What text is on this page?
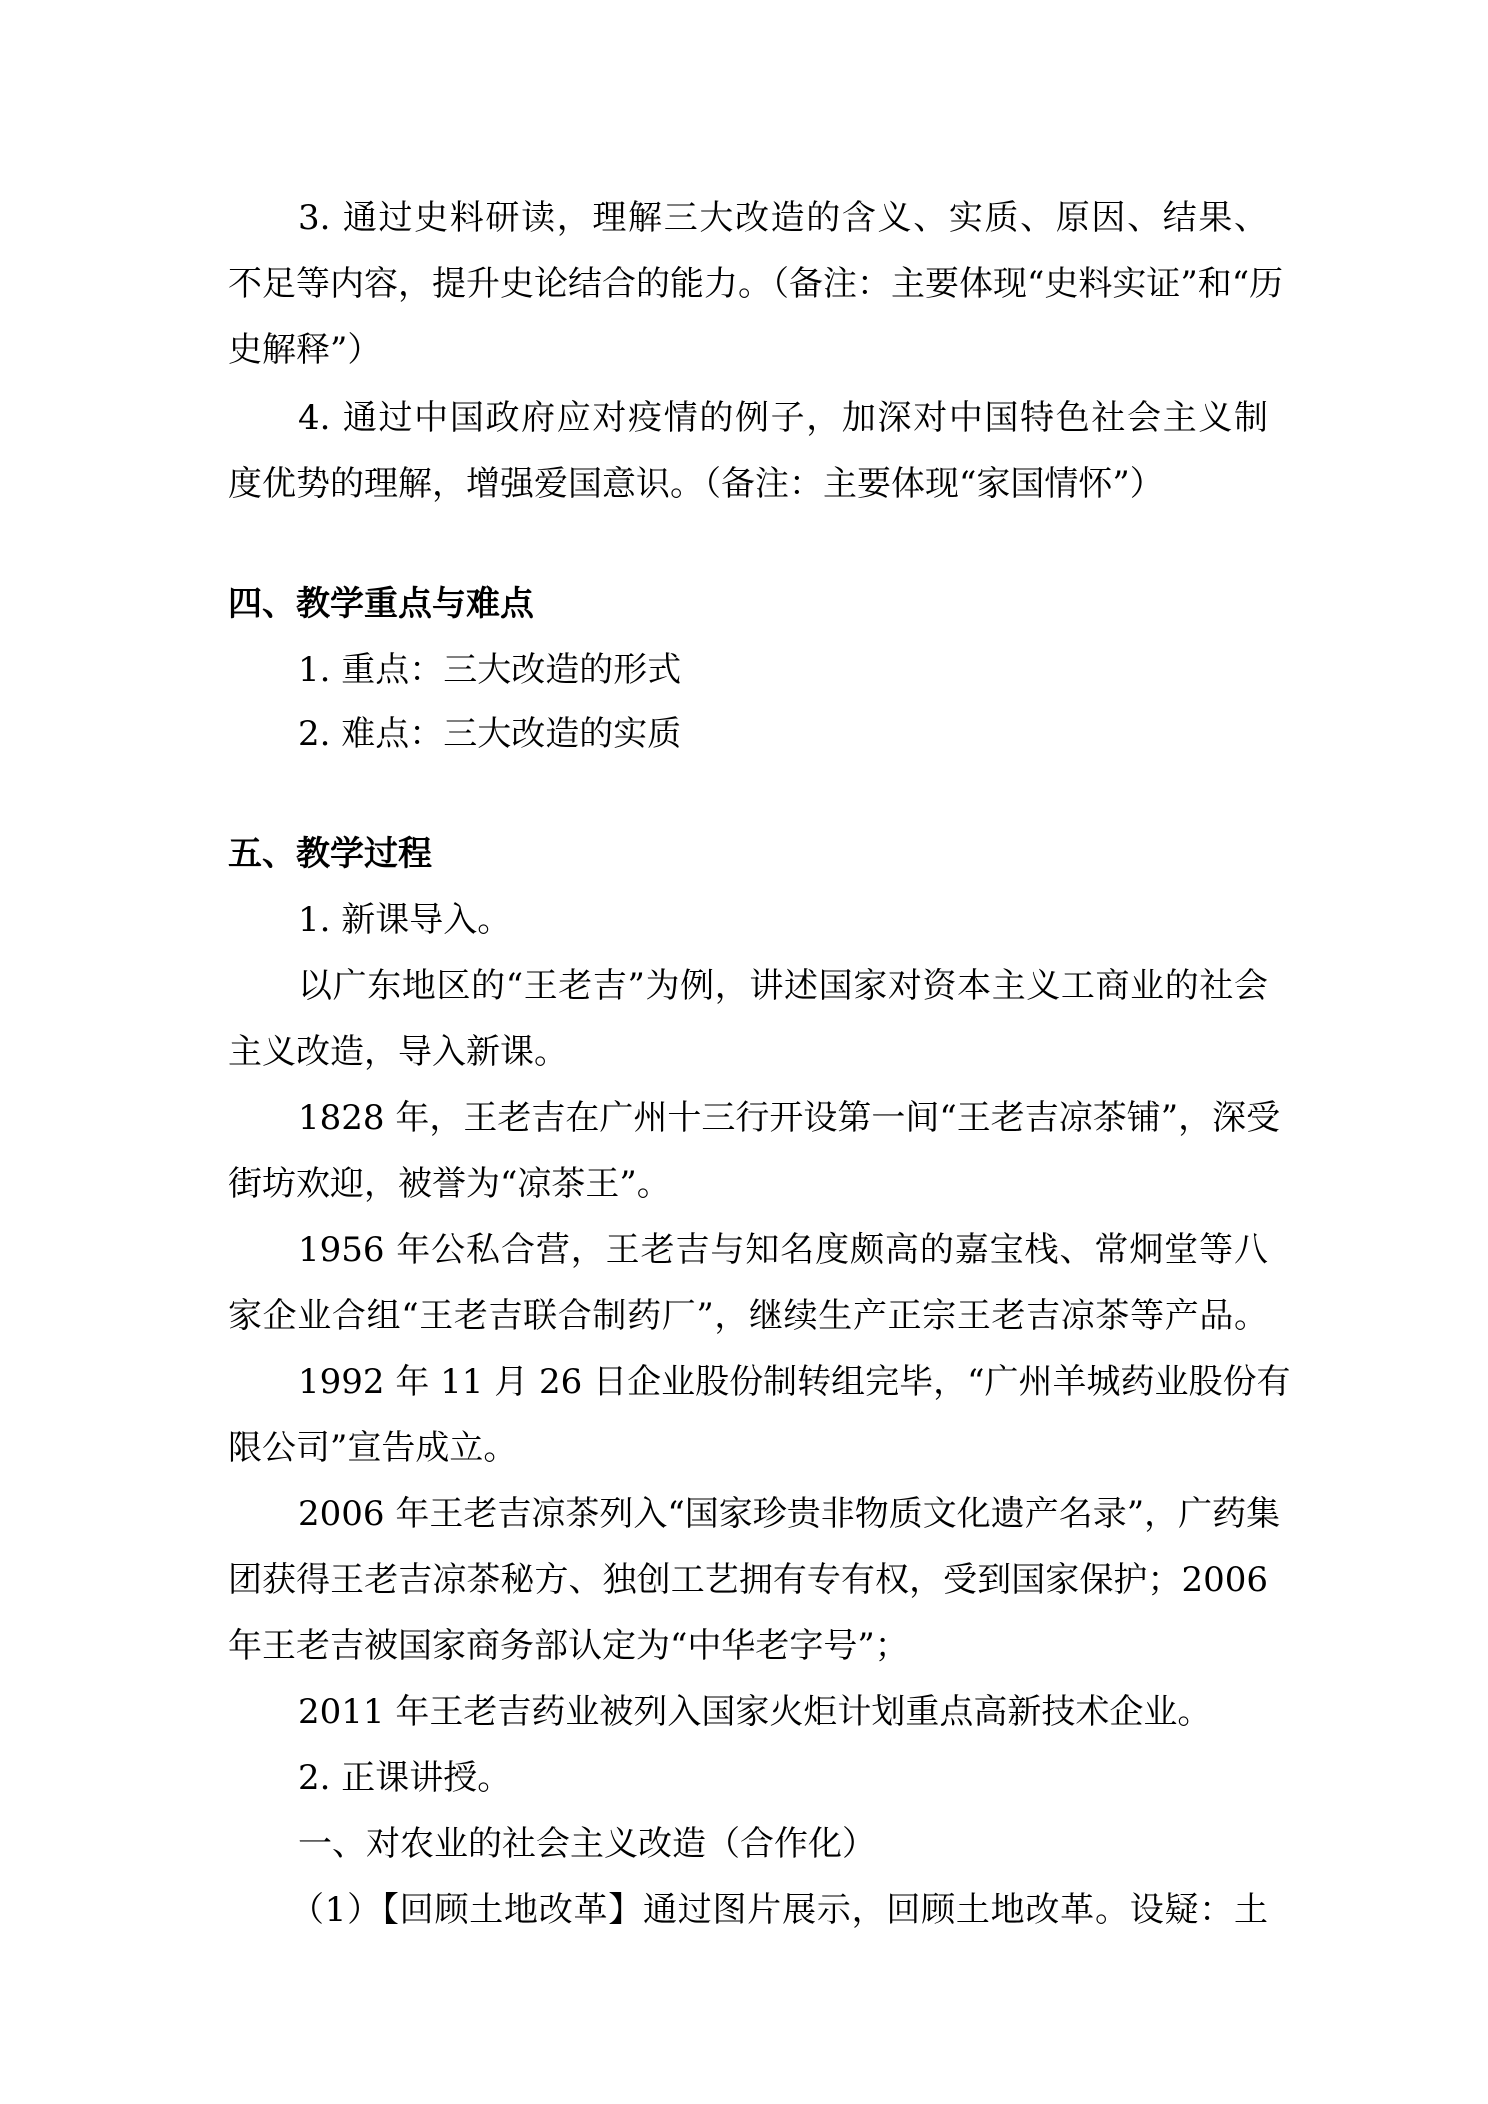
3. 通过史料研读，理解三大改造的含义、实质、原因、结果、
不足等内容，提升史论结合的能力。（备注：主要体现“史料实证”和“历
史解释”）
4. 通过中国政府应对疫情的例子，加深对中国特色社会主义制
度优势的理解，增强爱国意识。（备注：主要体现“家国情怀”）
四、教学重点与难点
1. 重点：三大改造的形式
2. 难点：三大改造的实质
五、教学过程
1. 新课导入。
以广东地区的“王老吉”为例，讲述国家对资本主义工商业的社会
主义改造，导入新课。
1828 年，王老吉在广州十三行开设第一间“王老吉凉茶铺”，深受
街坊欢迎，被誉为“凉茶王”。
1956 年公私合营，王老吉与知名度颇高的嘉宝栈、常炯堂等八
家企业合组“王老吉联合制药厂”，继续生产正宗王老吉凉茶等产品。
1992 年 11 月 26 日企业股份制转组完毕，“广州羊城药业股份有
限公司”宣告成立。
2006 年王老吉凉茶列入“国家珍贵非物质文化遗产名录”，广药集
团获得王老吉凉茶秘方、独创工艺拥有专有权，受到国家保护；2006
年王老吉被国家商务部认定为“中华老字号”；
2011 年王老吉药业被列入国家火炬计划重点高新技术企业。
2. 正课讲授。
一、对农业的社会主义改造（合作化）
（1）【回顾土地改革】通过图片展示，回顾土地改革。设疑：土
